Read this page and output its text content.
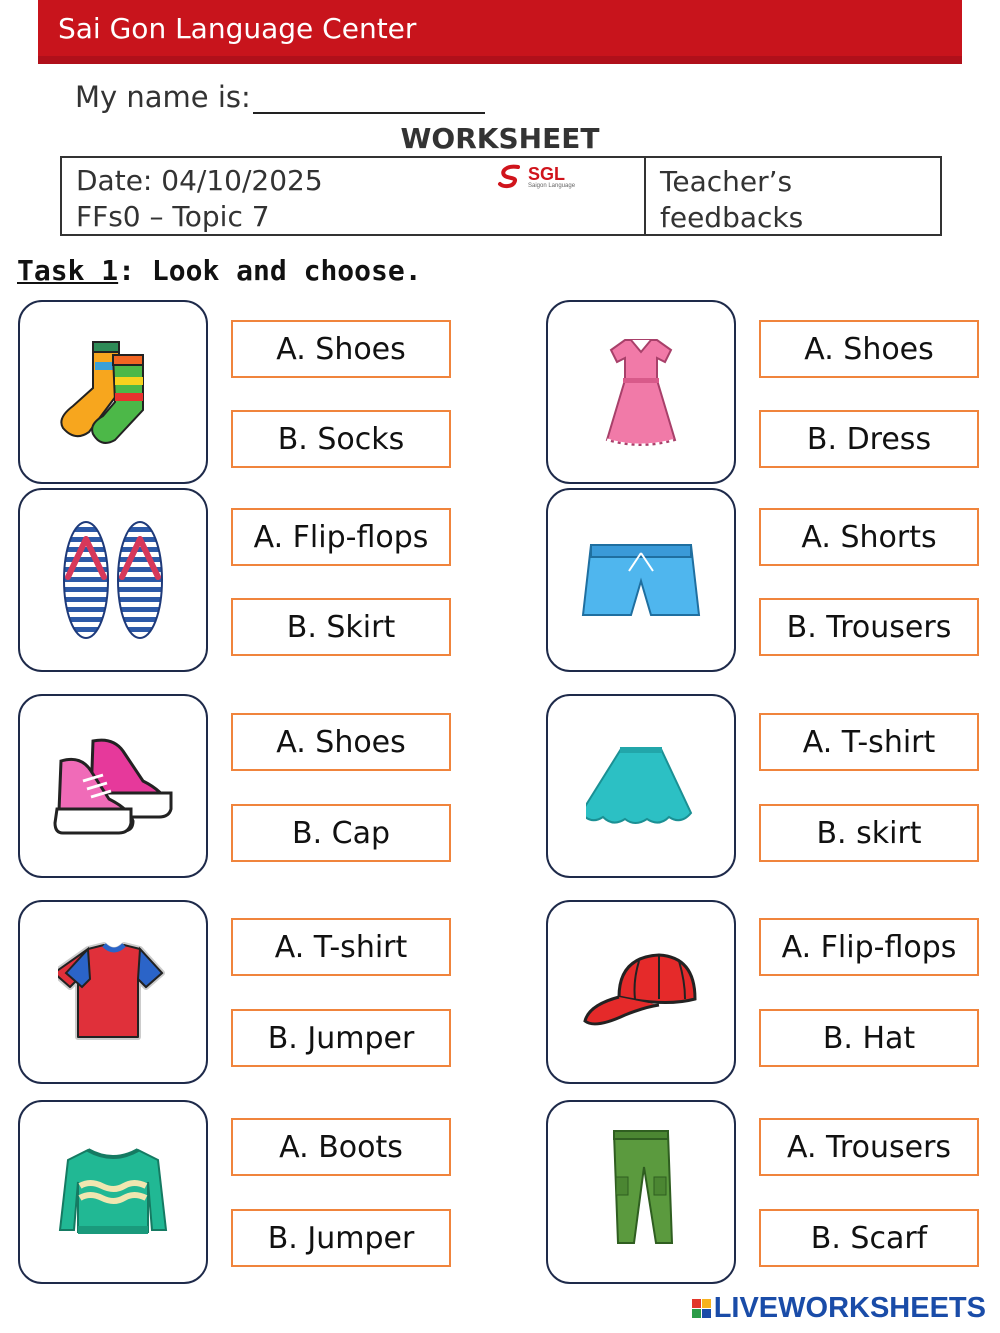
Sai Gon Language Center
My name is:
WORKSHEET
Date: 04/10/2025
FFs0 – Topic 7
SGL
Saigon Language	Teacher’s
feedbacks
Task 1: Look and choose.
A. Shoes
B. Socks
A. Flip-flops
B. Skirt
A. Shoes
B. Cap
A. T-shirt
B. Jumper
A. Boots
B. Jumper
A. Shoes
B. Dress
A. Shorts
B. Trousers
A. T-shirt
B. skirt
A. Flip-flops
B. Hat
A. Trousers
B. Scarf
LIVEWORKSHEETS
